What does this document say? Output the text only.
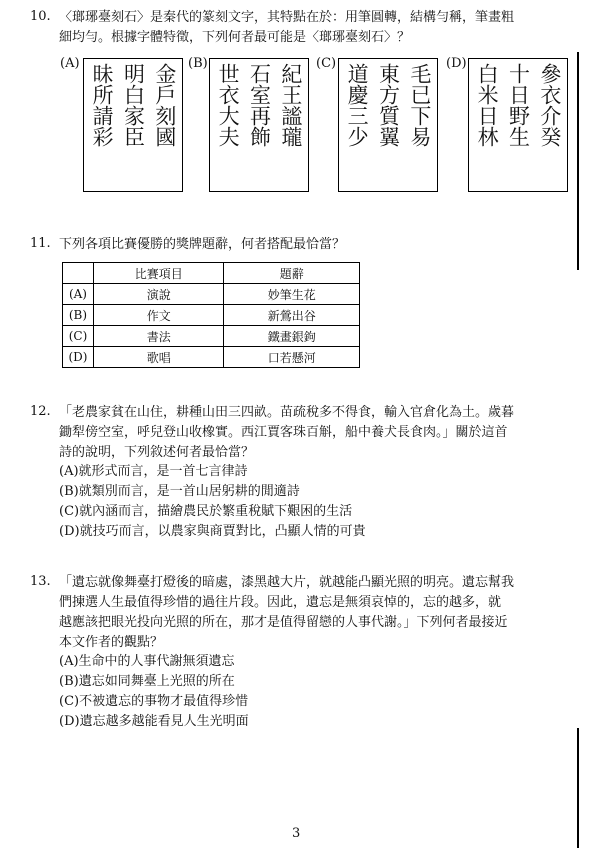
10. 〈瑯琊臺刻石〉是秦代的篆刻文字，其特點在於：用筆圓轉，結構勻稱，筆畫粗
細均勻。根據字體特徵，下列何者最可能是〈瑯琊臺刻石〉？
(A) 昧所請彩 明白家臣 金戶刻國 (B) 世衣大夫 石室再飾 紀王謐瓏 (C) 道慶三少 東方質翼 毛已下易 (D) 白米日林 十日野生 參衣介癸
11. 下列各項比賽優勝的獎牌題辭，何者搭配最恰當？
	比賽項目	題辭
(A)	演說	妙筆生花
(B)	作文	新鶯出谷
(C)	書法	鐵畫銀鉤
(D)	歌唱	口若懸河
12. 「老農家貧在山住，耕種山田三四畝。苗疏稅多不得食，輸入官倉化為土。歲暮
鋤犁傍空室，呼兒登山收橡實。西江賈客珠百斛，船中養犬長食肉。」關於這首
詩的說明，下列敘述何者最恰當？
(A)就形式而言，是一首七言律詩
(B)就類別而言，是一首山居躬耕的閒適詩
(C)就內涵而言，描繪農民於繁重稅賦下艱困的生活
(D)就技巧而言，以農家與商賈對比，凸顯人情的可貴
13. 「遺忘就像舞臺打燈後的暗處，漆黑越大片，就越能凸顯光照的明亮。遺忘幫我
們揀選人生最值得珍惜的過往片段。因此，遺忘是無須哀悼的，忘的越多，就
越應該把眼光投向光照的所在，那才是值得留戀的人事代謝。」下列何者最接近
本文作者的觀點？
(A)生命中的人事代謝無須遺忘
(B)遺忘如同舞臺上光照的所在
(C)不被遺忘的事物才最值得珍惜
(D)遺忘越多越能看見人生光明面
3
